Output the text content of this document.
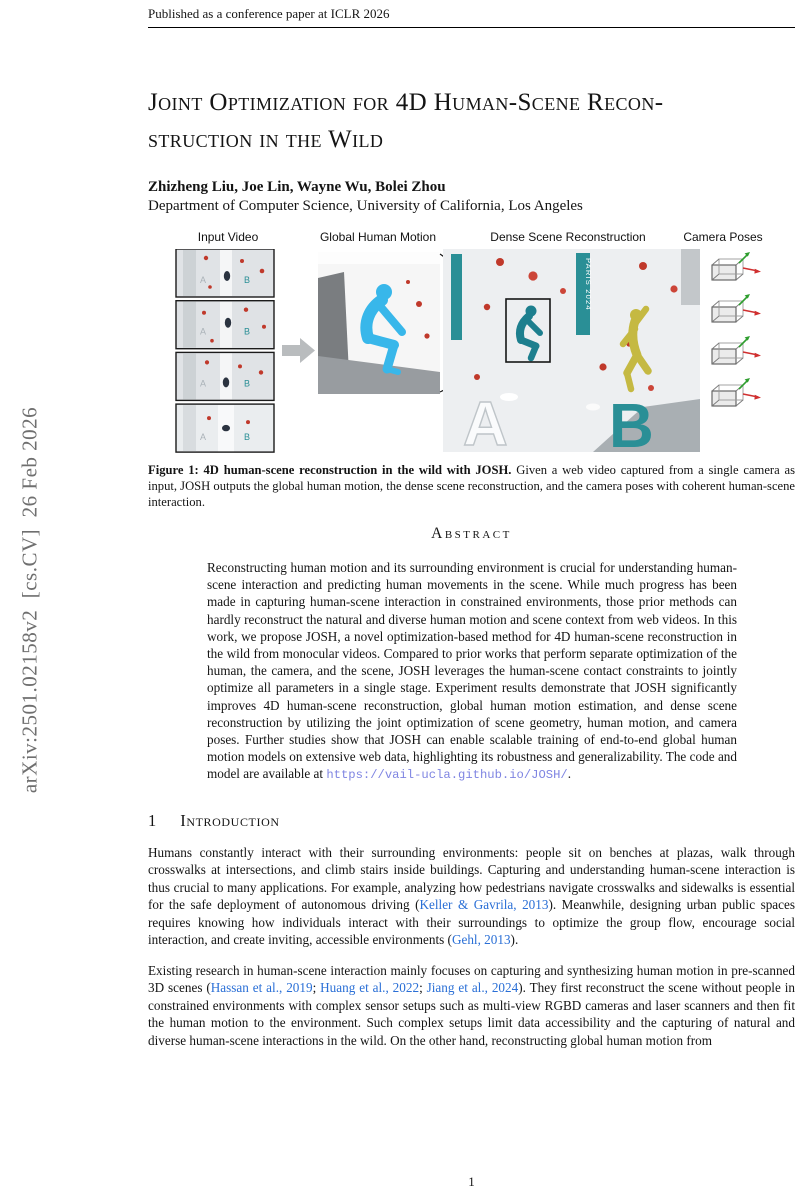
arXiv:2501.02158v2  [cs.CV]  26 Feb 2026
Published as a conference paper at ICLR 2026
Joint Optimization for 4D Human-Scene Recon-
struction in the Wild
Zhizheng Liu, Joe Lin, Wayne Wu, Bolei Zhou
Department of Computer Science, University of California, Los Angeles
Input Video	Global Human Motion	Dense Scene Reconstruction	Camera Poses
A	B
A	B
A	B
A	B
PARIS 2024
A B
Figure 1: 4D human-scene reconstruction in the wild with JOSH. Given a web video captured from a single camera as input, JOSH outputs the global human motion, the dense scene reconstruction, and the camera poses with coherent human-scene interaction.
Abstract

Reconstructing human motion and its surrounding environment is crucial for understanding human-scene interaction and predicting human movements in the scene. While much progress has been made in capturing human-scene interaction in constrained environments, those prior methods can hardly reconstruct the natural and diverse human motion and scene context from web videos. In this work, we propose JOSH, a novel optimization-based method for 4D human-scene reconstruction in the wild from monocular videos. Compared to prior works that perform separate optimization of the human, the camera, and the scene, JOSH leverages the human-scene contact constraints to jointly optimize all parameters in a single stage. Experiment results demonstrate that JOSH significantly improves 4D human-scene reconstruction, global human motion estimation, and dense scene reconstruction by utilizing the joint optimization of scene geometry, human motion, and camera poses. Further studies show that JOSH can enable scalable training of end-to-end global human motion models on extensive web data, highlighting its robustness and generalizability. The code and model are available at https://vail-ucla.github.io/JOSH/.

1 Introduction

Humans constantly interact with their surrounding environments: people sit on benches at plazas, walk through crosswalks at intersections, and climb stairs inside buildings. Capturing and understanding human-scene interaction is thus crucial to many applications. For example, analyzing how pedestrians navigate crosswalks and sidewalks is essential for the safe deployment of autonomous driving (Keller & Gavrila, 2013). Meanwhile, designing urban public spaces requires knowing how individuals interact with their surroundings to optimize the group flow, encourage social interaction, and create inviting, accessible environments (Gehl, 2013).

Existing research in human-scene interaction mainly focuses on capturing and synthesizing human motion in pre-scanned 3D scenes (Hassan et al., 2019; Huang et al., 2022; Jiang et al., 2024). They first reconstruct the scene without people in constrained environments with complex sensor setups such as multi-view RGBD cameras and laser scanners and then fit the human motion to the environment. Such complex setups limit data accessibility and the capturing of natural and diverse human-scene interactions in the wild. On the other hand, reconstructing global human motion from

1
